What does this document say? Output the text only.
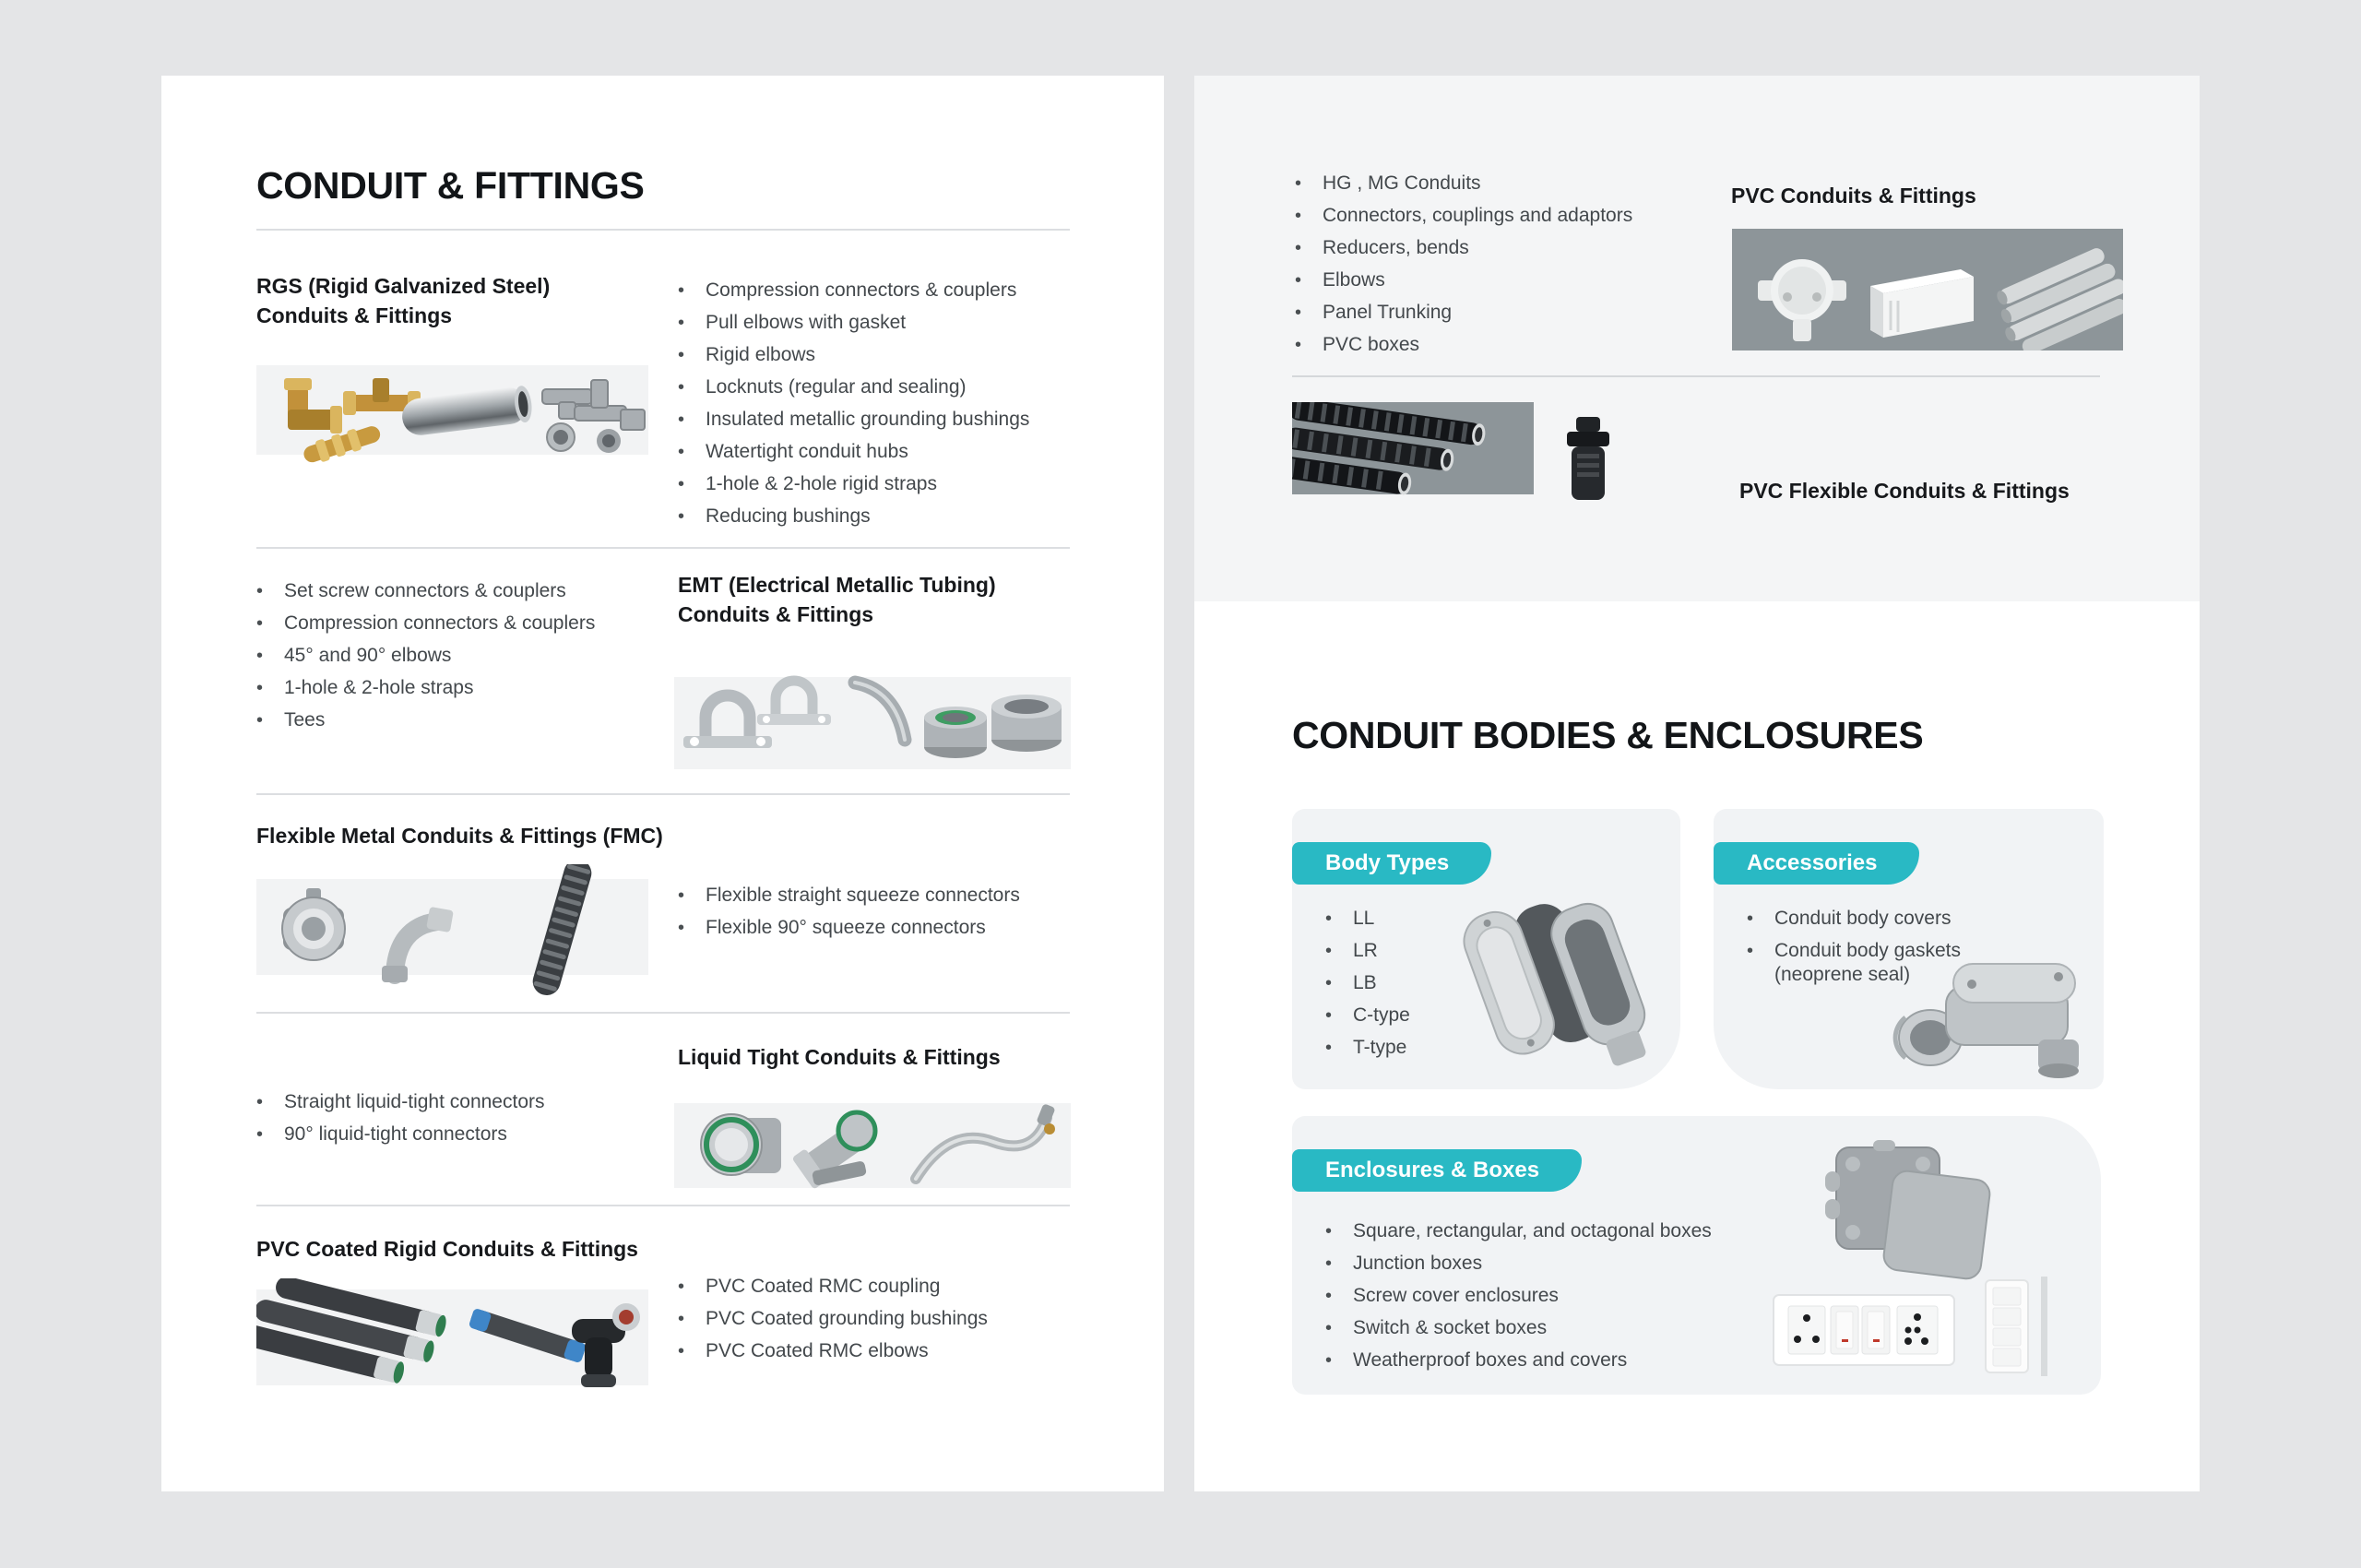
CONDUIT & FITTINGS
RGS (Rigid Galvanized Steel) Conduits & Fittings
•
Compression connectors & couplers
•
Pull elbows with gasket
•
Rigid elbows
•
Locknuts (regular and sealing)
•
Insulated metallic grounding bushings
•
Watertight conduit hubs
•
1-hole & 2-hole rigid straps
•
Reducing bushings
•
Set screw connectors & couplers
•
Compression connectors & couplers
•
45° and 90° elbows
•
1-hole & 2-hole straps
•
Tees
EMT (Electrical Metallic Tubing) Conduits & Fittings
Flexible Metal Conduits & Fittings (FMC)
•
Flexible straight squeeze connectors
•
Flexible 90° squeeze connectors
Liquid Tight Conduits & Fittings
•
Straight liquid-tight connectors
•
90° liquid-tight connectors
PVC Coated Rigid Conduits & Fittings
•
PVC Coated RMC coupling
•
PVC Coated grounding bushings
•
PVC Coated RMC elbows
•
HG , MG Conduits
•
Connectors, couplings and adaptors
•
Reducers, bends
•
Elbows
•
Panel Trunking
•
PVC boxes
PVC Conduits & Fittings
PVC Flexible Conduits & Fittings
CONDUIT BODIES & ENCLOSURES
Body Types
•
LL
•
LR
•
LB
•
C-type
•
T-type
Accessories
•
Conduit body covers
•
Conduit body gaskets (neoprene seal)
Enclosures & Boxes
•
Square, rectangular, and octagonal boxes
•
Junction boxes
•
Screw cover enclosures
•
Switch & socket boxes
•
Weatherproof boxes and covers
